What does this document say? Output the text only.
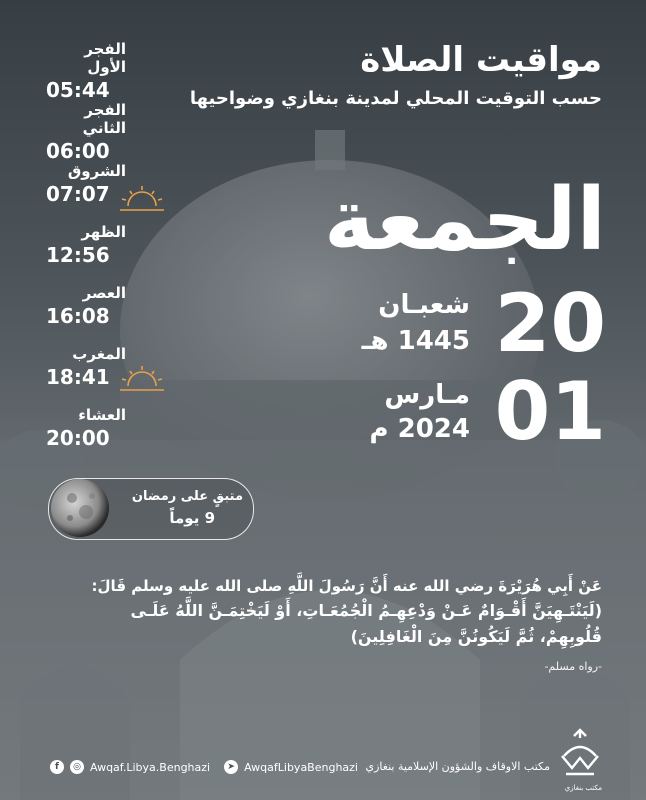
مواقيت الصلاة
حسب التوقيت المحلي لمدينة بنغازي وضواحيها
الجمعة
20
شعبـان
1445 هـ
01
مـارس
2024 م
الفجر الأول
05:44
الفجر الثاني
06:00
الشروق
07:07
الظهر
12:56
العصر
16:08
المغرب
18:41
العشاء
20:00
متبقٍ على رمضان
9 يوماً
عَنْ أَبِي هُرَيْرَةَ رضي الله عنه أَنَّ رَسُولَ اللَّهِ صلى الله عليه وسلم قَالَ:
(لَيَنْتَـهِيَنَّ أَقْـوَامٌ عَـنْ وَدْعِهِـمُ الْجُمُعَـاتِ، أَوْ لَيَخْتِمَـنَّ اللَّهُ عَلَـى
قُلُوبِهِمْ، ثُمَّ لَيَكُونُنَّ مِنَ الْغَافِلِينَ)
-رواه مسلم-
مكتب بنغازي
مكتب الاوقاف والشؤون الإسلامية بنغازي
f	◎ Awqaf.Libya.Benghazi	➤ AwqafLibyaBenghazi
